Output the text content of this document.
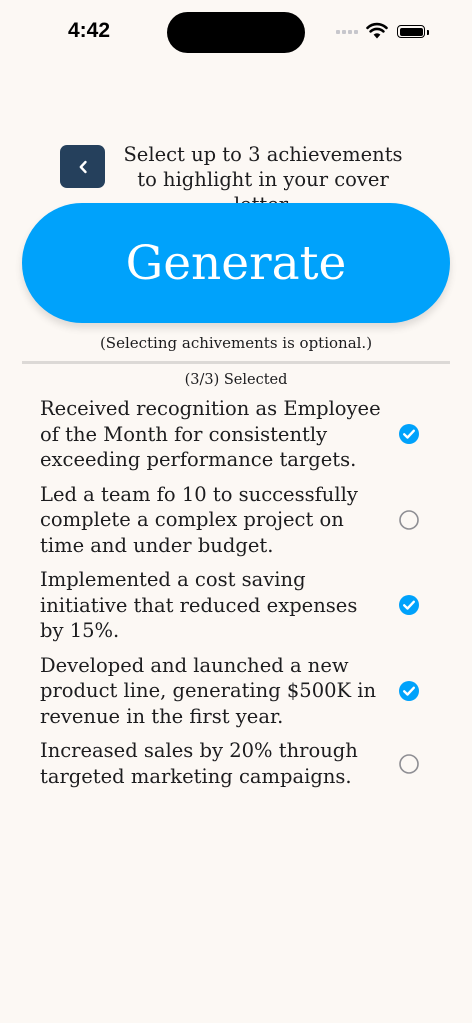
4:42
Select up to 3 achievements to highlight in your cover
Generate
(Selecting achivements is optional.)
(3/3) Selected
Received recognition as Employee of the Month for consistently exceeding performance targets.
Led a team fo 10 to successfully complete a complex project on time and under budget.
Implemented a cost saving initiative that reduced expenses by 15%.
Developed and launched a new product line, generating $500K in revenue in the first year.
Increased sales by 20% through targeted marketing campaigns.
